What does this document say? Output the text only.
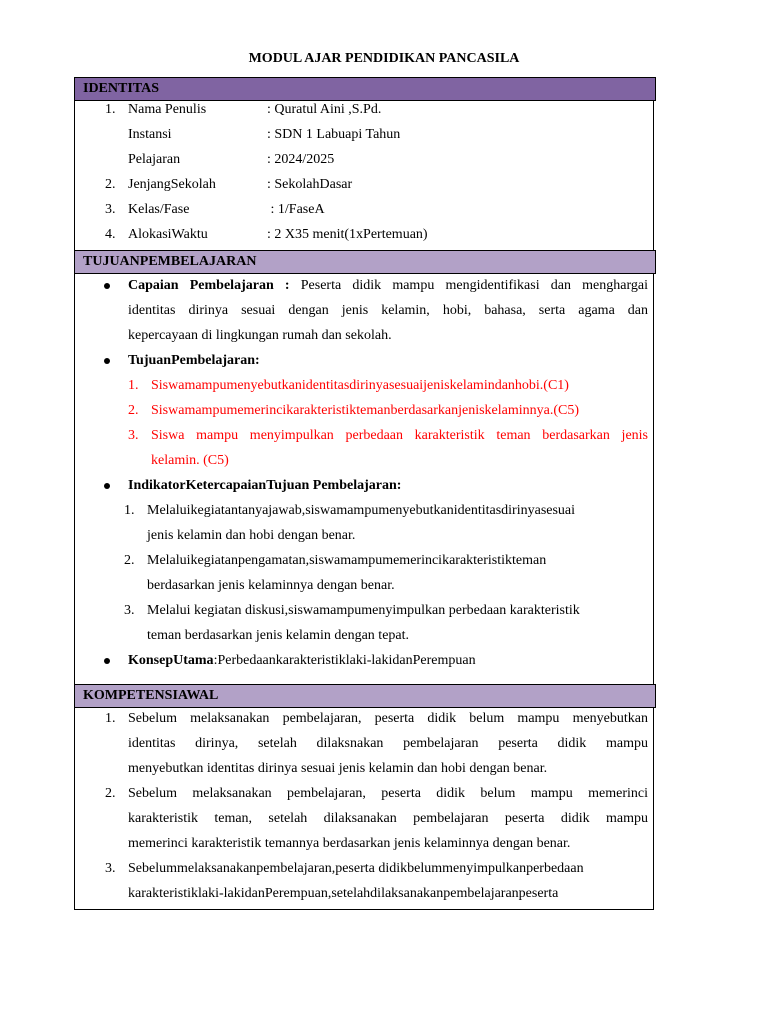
MODUL AJAR PENDIDIKAN PANCASILA
IDENTITAS
1. Nama Penulis	: Quratul Aini ,S.Pd.
Instansi	: SDN 1 Labuapi Tahun
Pelajaran	: 2024/2025
2. JenjangSekolah	: SekolahDasar
3. Kelas/Fase	: 1/FaseA
4. AlokasiWaktu	: 2 X35 menit(1xPertemuan)
TUJUANPEMBELAJARAN
Capaian Pembelajaran : Peserta didik mampu mengidentifikasi dan menghargai
identitas dirinya sesuai dengan jenis kelamin, hobi, bahasa, serta agama dan
kepercayaan di lingkungan rumah dan sekolah.
TujuanPembelajaran:
1. Siswamampumenyebutkanidentitasdirinyasesuaijeniskelamindanhobi.(C1)
2. Siswamampumemerincikarakteristiktemanberdasarkanjeniskelaminnya.(C5)
3. Siswa mampu menyimpulkan perbedaan karakteristik teman berdasarkan jenis
kelamin. (C5)
IndikatorKetercapaianTujuan Pembelajaran:
1. Melaluikegiatantanyajawab,siswamampumenyebutkanidentitasdirinyasesuai
jenis kelamin dan hobi dengan benar.
2. Melaluikegiatanpengamatan,siswamampumemerincikarakteristikteman
berdasarkan jenis kelaminnya dengan benar.
3. Melalui kegiatan diskusi,siswamampumenyimpulkan perbedaan karakteristik
teman berdasarkan jenis kelamin dengan tepat.
KonsepUtama:Perbedaankarakteristiklaki-lakidanPerempuan
KOMPETENSIAWAL
1. Sebelum melaksanakan pembelajaran, peserta didik belum mampu menyebutkan
identitas dirinya, setelah dilaksnakan pembelajaran peserta didik mampu
menyebutkan identitas dirinya sesuai jenis kelamin dan hobi dengan benar.
2. Sebelum melaksanakan pembelajaran, peserta didik belum mampu memerinci
karakteristik teman, setelah dilaksanakan pembelajaran peserta didik mampu
memerinci karakteristik temannya berdasarkan jenis kelaminnya dengan benar.
3. Sebelummelaksanakanpembelajaran,peserta didikbelummenyimpulkanperbedaan
karakteristiklaki-lakidanPerempuan,setelahdilaksanakanpembelajaranpeserta
